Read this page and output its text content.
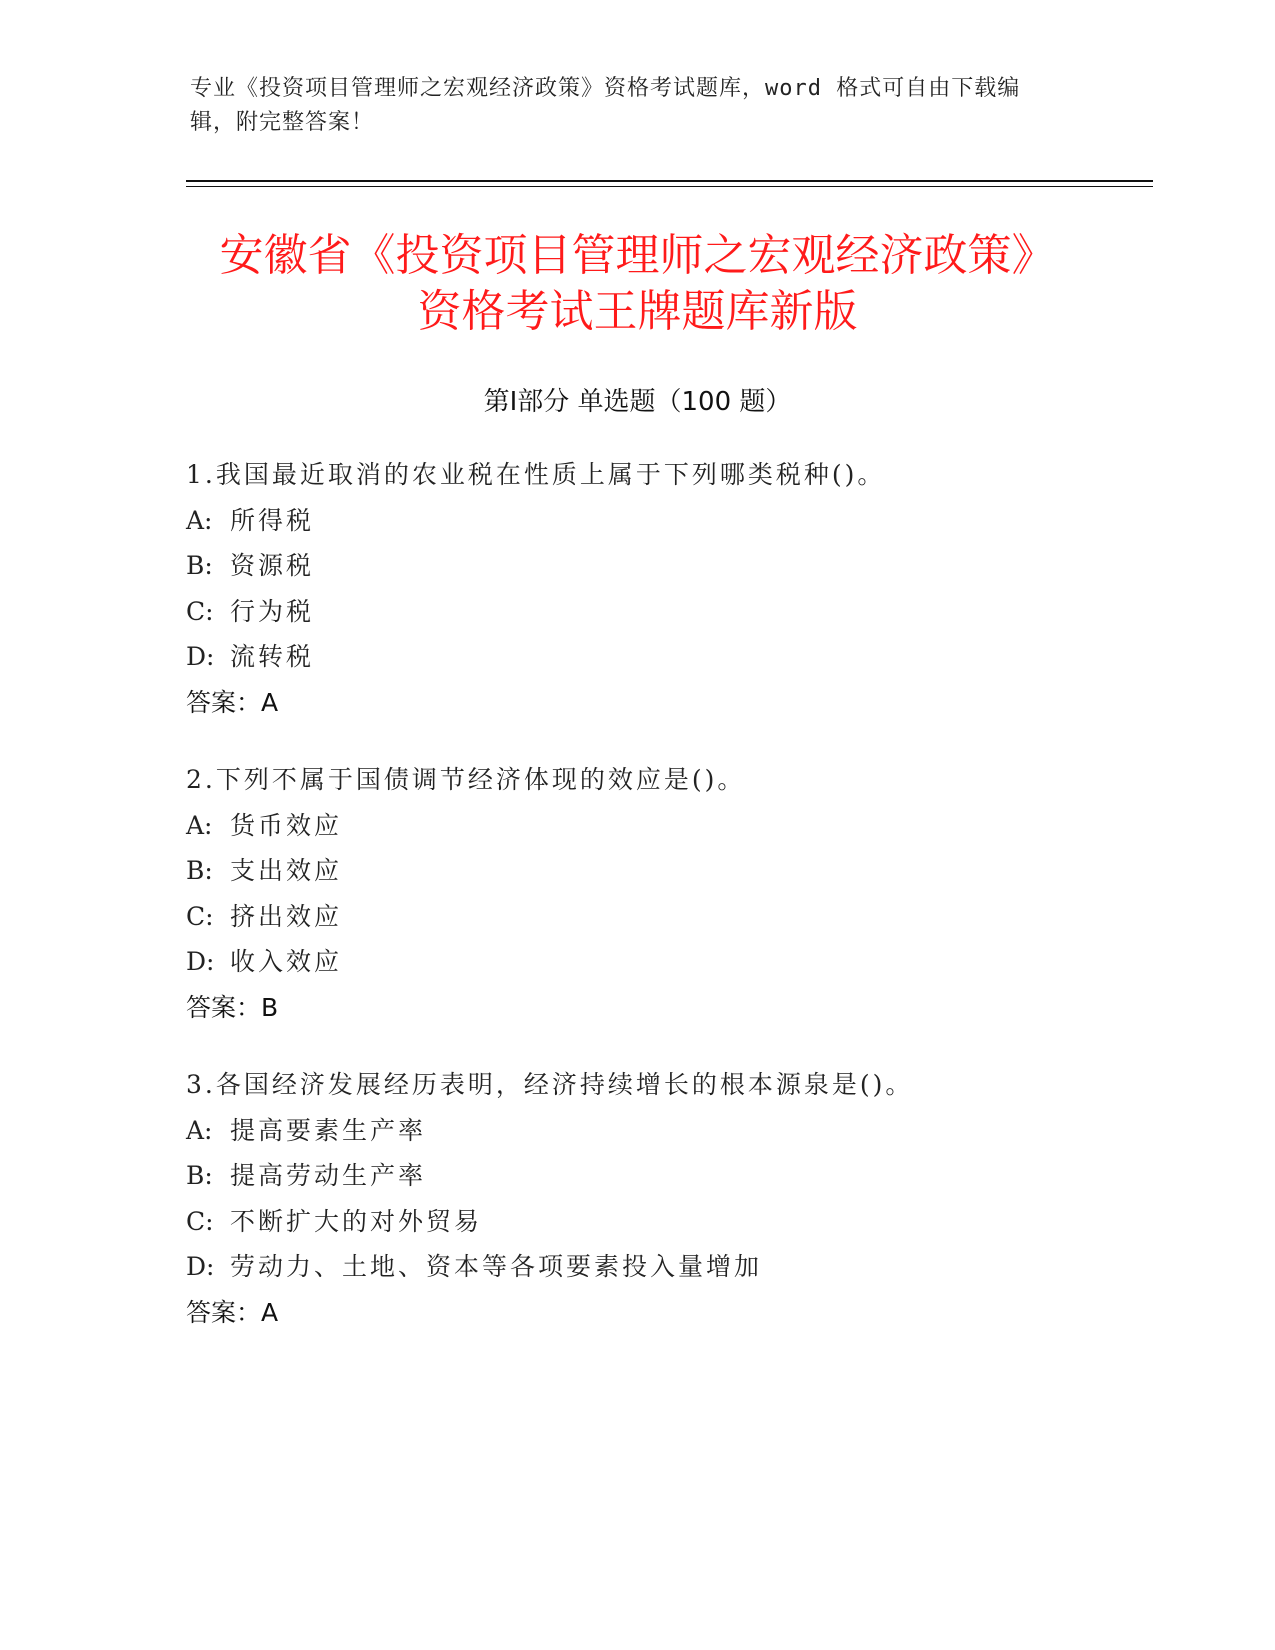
专业《投资项目管理师之宏观经济政策》资格考试题库，word 格式可自由下载编
辑，附完整答案！
安徽省《投资项目管理师之宏观经济政策》
资格考试王牌题库新版
第Ⅰ部分 单选题（100 题）
1.我国最近取消的农业税在性质上属于下列哪类税种()。
A: 所得税
B: 资源税
C: 行为税
D: 流转税
答案：A
2.下列不属于国债调节经济体现的效应是()。
A: 货币效应
B: 支出效应
C: 挤出效应
D: 收入效应
答案：B
3.各国经济发展经历表明，经济持续增长的根本源泉是()。
A: 提高要素生产率
B: 提高劳动生产率
C: 不断扩大的对外贸易
D: 劳动力、土地、资本等各项要素投入量增加
答案：A
